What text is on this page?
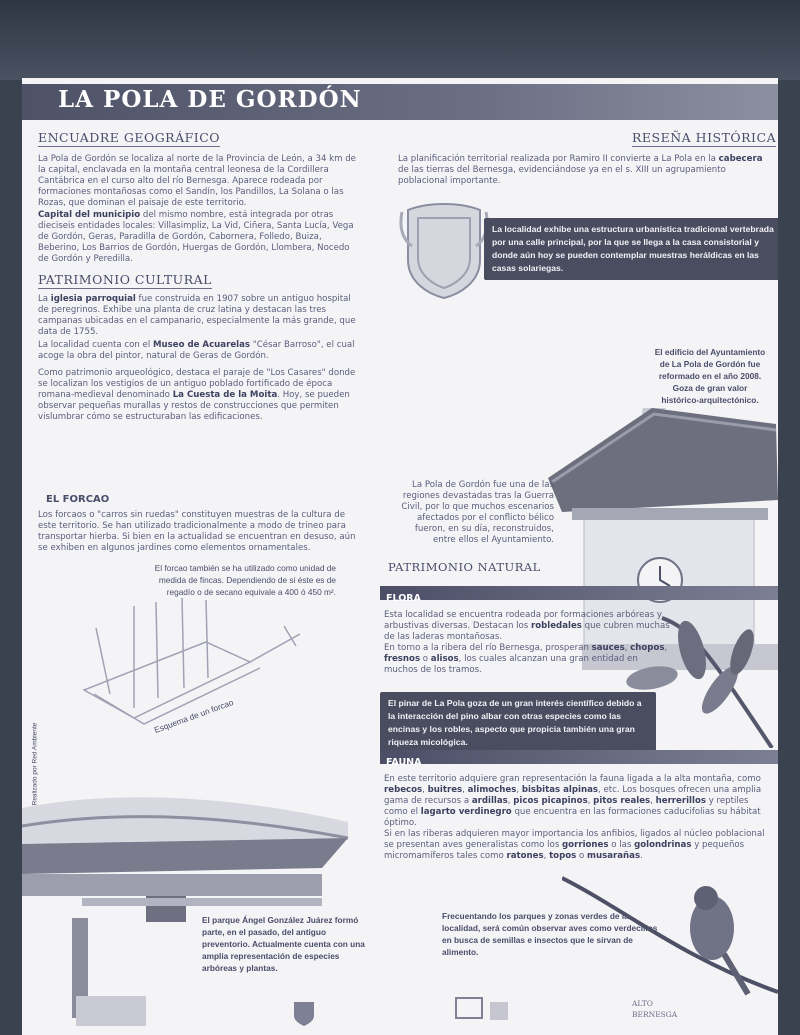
LA POLA DE GORDÓN
ENCUADRE GEOGRÁFICO
La Pola de Gordón se localiza al norte de la Provincia de León, a 34 km de la capital, enclavada en la montaña central leonesa de la Cordillera Cantábrica en el curso alto del río Bernesga. Aparece rodeada por formaciones montañosas como el Sandín, los Pandillos, La Solana o las Rozas, que dominan el paisaje de este territorio.
Capital del municipio del mismo nombre, está integrada por otras dieciseis entidades locales: Villasimpliz, La Vid, Ciñera, Santa Lucía, Vega de Gordón, Geras, Paradilla de Gordón, Cabornera, Folledo, Buiza, Beberino, Los Barrios de Gordón, Huergas de Gordón, Llombera, Nocedo de Gordón y Peredilla.
PATRIMONIO CULTURAL
La iglesia parroquial fue construida en 1907 sobre un antiguo hospital de peregrinos. Exhibe una planta de cruz latina y destacan las tres campanas ubicadas en el campanario, especialmente la más grande, que data de 1755.
La localidad cuenta con el Museo de Acuarelas "César Barroso", el cual acoge la obra del pintor, natural de Geras de Gordón.
Como patrimonio arqueológico, destaca el paraje de "Los Casares" donde se localizan los vestigios de un antiguo poblado fortificado de época romana-medieval denominado La Cuesta de la Moita. Hoy, se pueden observar pequeñas murallas y restos de construcciones que permiten vislumbrar cómo se estructuraban las edificaciones.
RESEÑA HISTÓRICA
La planificación territorial realizada por Ramiro II convierte a La Pola en la cabecera de las tierras del Bernesga, evidenciándose ya en el s. XIII un agrupamiento poblacional importante.
La localidad exhibe una estructura urbanística tradicional vertebrada por una calle principal, por la que se llega a la casa consistorial y donde aún hoy se pueden contemplar muestras heráldicas en las casas solariegas.
El edificio del Ayuntamiento de La Pola de Gordón fue reformado en el año 2008. Goza de gran valor histórico-arquitectónico.
La Pola de Gordón fue una de las regiones devastadas tras la Guerra Civil, por lo que muchos escenarios afectados por el conflicto bélico fueron, en su día, reconstruidos, entre ellos el Ayuntamiento.
EL FORCAO
Los forcaos o "carros sin ruedas" constituyen muestras de la cultura de este territorio. Se han utilizado tradicionalmente a modo de trineo para transportar hierba. Si bien en la actualidad se encuentran en desuso, aún se exhiben en algunos jardines como elementos ornamentales.
El forcao también se ha utilizado como unidad de medida de fincas. Dependiendo de si éste es de regadío o de secano equivale a 400 ó 450 m².
Esquema de un forcao
Realizado por Red Ambiente
PATRIMONIO NATURAL
FLORA
Esta localidad se encuentra rodeada por formaciones arbóreas y arbustivas diversas. Destacan los robledales que cubren muchas de las laderas montañosas.
En torno a la ribera del río Bernesga, prosperan sauces, chopos, fresnos o alisos, los cuales alcanzan una gran entidad en muchos de los tramos.
El pinar de La Pola goza de un gran interés científico debido a la interacción del pino albar con otras especies como las encinas y los robles, aspecto que propicia también una gran riqueza micológica.
FAUNA
En este territorio adquiere gran representación la fauna ligada a la alta montaña, como rebecos, buitres, alimoches, bisbitas alpinas, etc. Los bosques ofrecen una amplia gama de recursos a ardillas, picos picapinos, pitos reales, herrerillos y reptiles como el lagarto verdinegro que encuentra en las formaciones caducifolias su hábitat óptimo.
Si en las riberas adquieren mayor importancia los anfibios, ligados al núcleo poblacional se presentan aves generalistas como los gorriones o las golondrinas y pequeños micromamíferos tales como ratones, topos o musarañas.
El parque Ángel González Juárez formó parte, en el pasado, del antiguo preventorio. Actualmente cuenta con una amplia representación de especies arbóreas y plantas.
Frecuentando los parques y zonas verdes de la localidad, será común observar aves como verdecillos en busca de semillas e insectos que le sirvan de alimento.
ALTO
BERNESGA
